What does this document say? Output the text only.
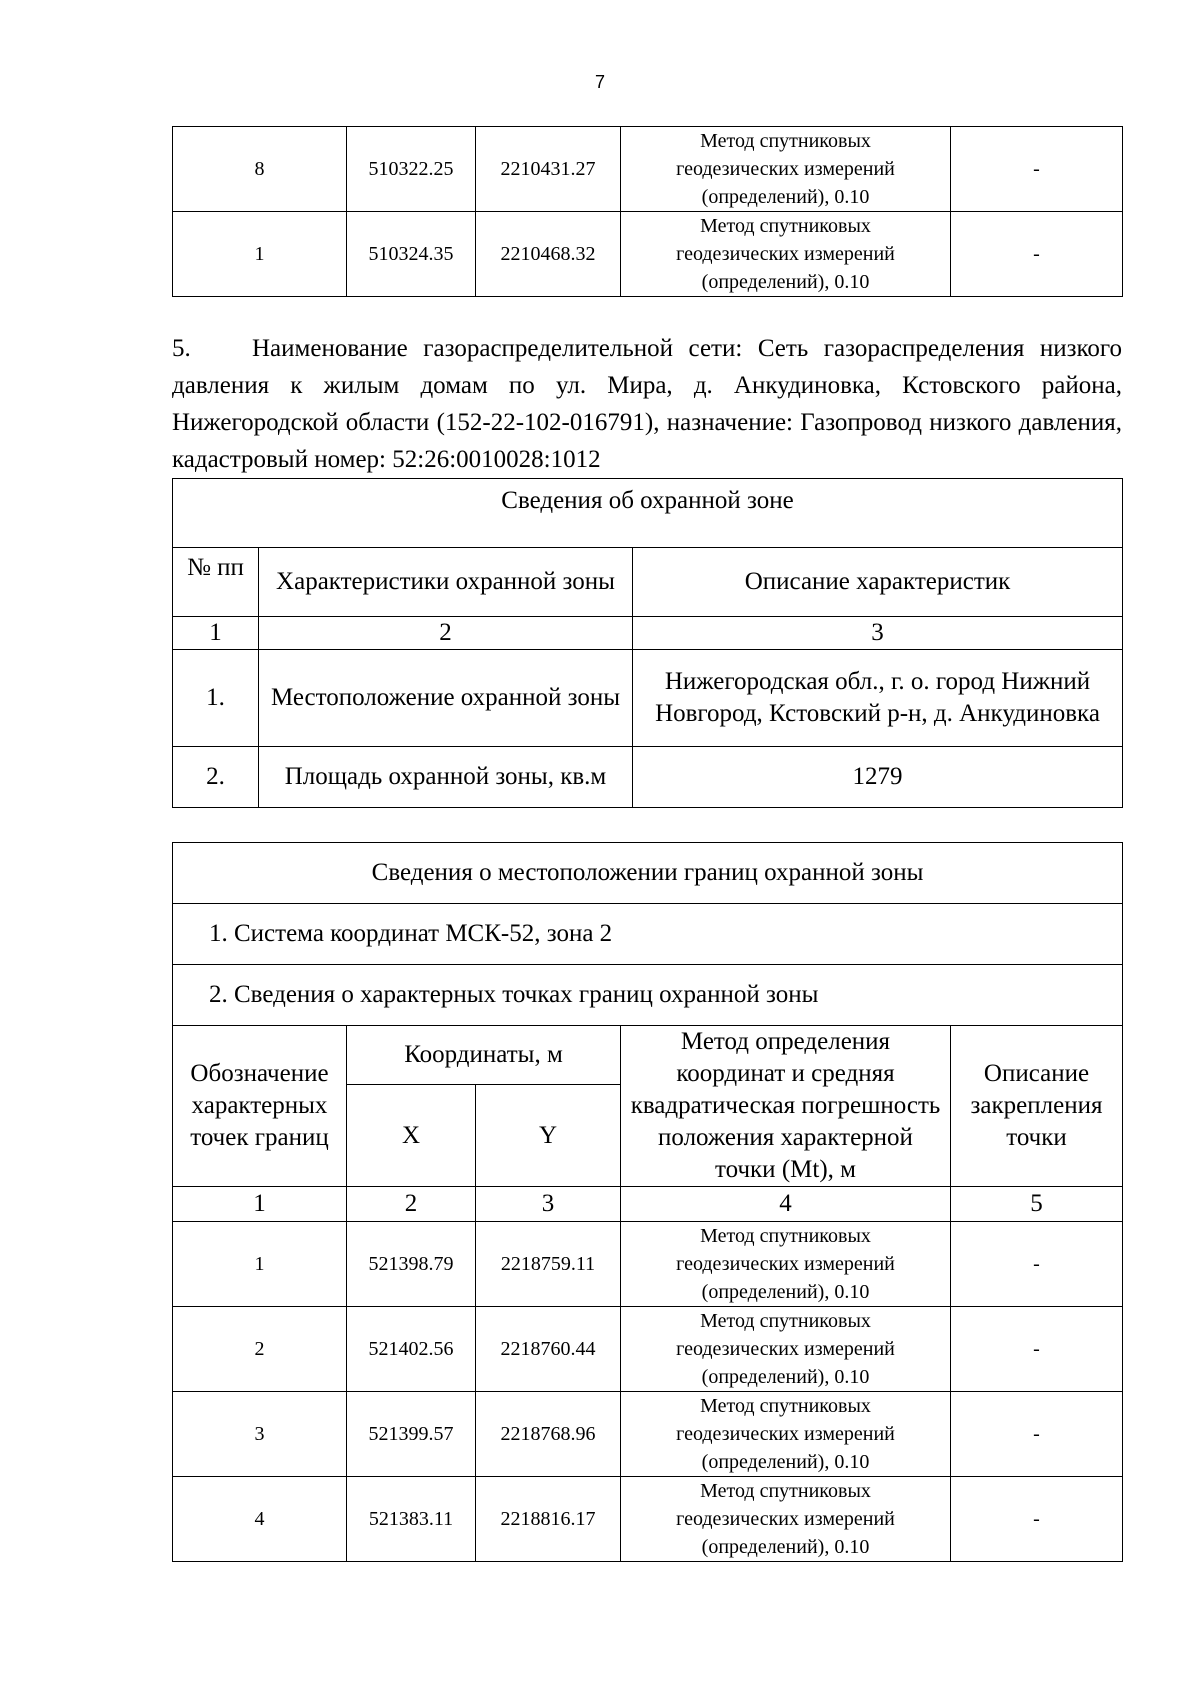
7
8	510322.25	2210431.27	Метод спутниковых
геодезических измерений
(определений), 0.10	-
1	510324.35	2210468.32	Метод спутниковых
геодезических измерений
(определений), 0.10	-
5. Наименование газораспределительной сети: Сеть газораспределения низкого давления к жилым домам по ул. Мира, д. Анкудиновка, Кстовского района, Нижегородской области (152-22-102-016791), назначение: Газопровод низкого давления, кадастровый номер: 52:26:0010028:1012
Сведения об охранной зоне		
№ пп	Характеристики охранной зоны	Описание характеристик
1	2	3
1.	Местоположение охранной зоны	Нижегородская обл., г. о. город Нижний Новгород, Кстовский р-н, д. Анкудиновка
2.	Площадь охранной зоны, кв.м	1279
Сведения о местоположении границ охранной зоны				
1. Система координат МСК-52, зона 2				
2. Сведения о характерных точках границ охранной зоны				
Обозначение характерных точек границ	Координаты, м		Метод определения координат и средняя квадратическая погрешность положения характерной точки (Mt), м	Описание закрепления точки
	X	Y		
1	2	3	4	5
1	521398.79	2218759.11	Метод спутниковых
геодезических измерений
(определений), 0.10	-
2	521402.56	2218760.44	Метод спутниковых
геодезических измерений
(определений), 0.10	-
3	521399.57	2218768.96	Метод спутниковых
геодезических измерений
(определений), 0.10	-
4	521383.11	2218816.17	Метод спутниковых
геодезических измерений
(определений), 0.10	-
